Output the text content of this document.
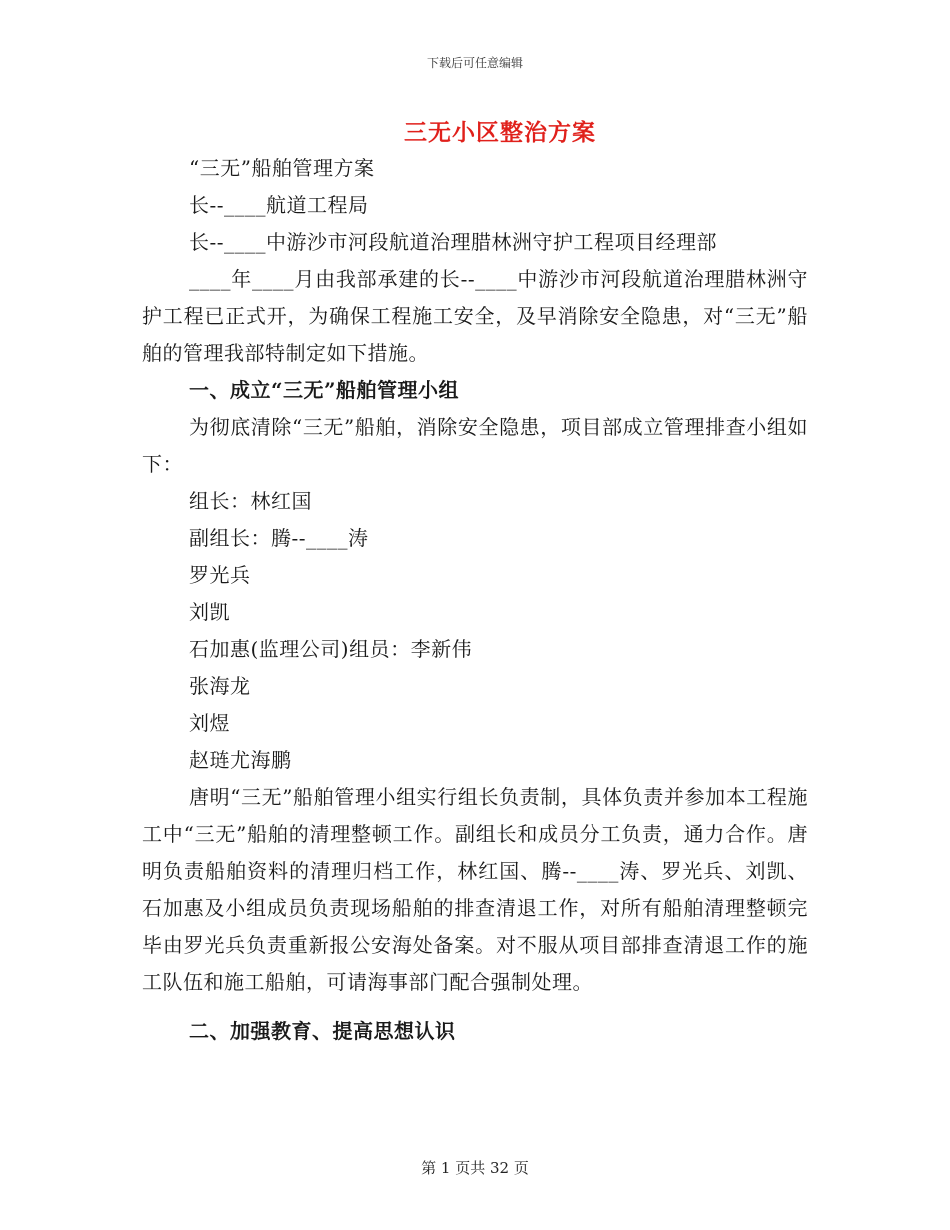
下载后可任意编辑
三无小区整治方案
“三无”船舶管理方案
长--____航道工程局
长--____中游沙市河段航道治理腊林洲守护工程项目经理部
____年____月由我部承建的长--____中游沙市河段航道治理腊林洲守护工程已正式开，为确保工程施工安全，及早消除安全隐患，对“三无”船舶的管理我部特制定如下措施。
一、成立“三无”船舶管理小组
为彻底清除“三无”船舶，消除安全隐患，项目部成立管理排查小组如下：
组长：林红国
副组长：腾--____涛
罗光兵
刘凯
石加惠(监理公司)组员：李新伟
张海龙
刘煜
赵琏尤海鹏
唐明“三无”船舶管理小组实行组长负责制，具体负责并参加本工程施工中“三无”船舶的清理整顿工作。副组长和成员分工负责，通力合作。唐明负责船舶资料的清理归档工作，林红国、腾--____涛、罗光兵、刘凯、石加惠及小组成员负责现场船舶的排查清退工作，对所有船舶清理整顿完毕由罗光兵负责重新报公安海处备案。对不服从项目部排查清退工作的施工队伍和施工船舶，可请海事部门配合强制处理。
二、加强教育、提高思想认识
第 1 页共 32 页
